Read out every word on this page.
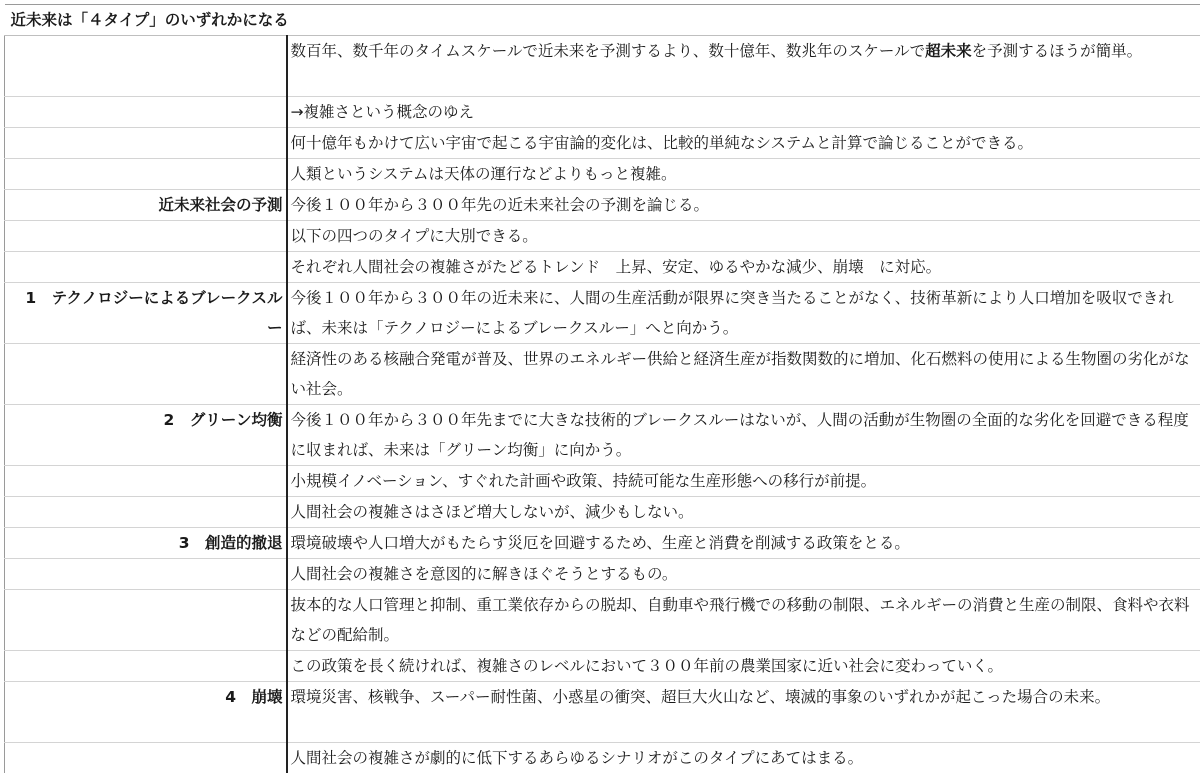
近未来は「４タイプ」のいずれかになる	
	数百年、数千年のタイムスケールで近未来を予測するより、数十億年、数兆年のスケールで超未来を予測するほうが簡単。
	→複雑さという概念のゆえ
	何十億年もかけて広い宇宙で起こる宇宙論的変化は、比較的単純なシステムと計算で論じることができる。
	人類というシステムは天体の運行などよりもっと複雑。
近未来社会の予測	今後１００年から３００年先の近未来社会の予測を論じる。
	以下の四つのタイプに大別できる。
	それぞれ人間社会の複雑さがたどるトレンド　上昇、安定、ゆるやかな減少、崩壊　に対応。
1　テクノロジーによるブレークスルー	今後１００年から３００年の近未来に、人間の生産活動が限界に突き当たることがなく、技術革新により人口増加を吸収できれば、未来は「テクノロジーによるブレークスルー」へと向かう。
	経済性のある核融合発電が普及、世界のエネルギー供給と経済生産が指数関数的に増加、化石燃料の使用による生物圏の劣化がない社会。
2　グリーン均衡	今後１００年から３００年先までに大きな技術的ブレークスルーはないが、人間の活動が生物圏の全面的な劣化を回避できる程度に収まれば、未来は「グリーン均衡」に向かう。
	小規模イノベーション、すぐれた計画や政策、持続可能な生産形態への移行が前提。
	人間社会の複雑さはさほど増大しないが、減少もしない。
3　創造的撤退	環境破壊や人口増大がもたらす災厄を回避するため、生産と消費を削減する政策をとる。
	人間社会の複雑さを意図的に解きほぐそうとするもの。
	抜本的な人口管理と抑制、重工業依存からの脱却、自動車や飛行機での移動の制限、エネルギーの消費と生産の制限、食料や衣料などの配給制。
	この政策を長く続ければ、複雑さのレベルにおいて３００年前の農業国家に近い社会に変わっていく。
4　崩壊	環境災害、核戦争、スーパー耐性菌、小惑星の衝突、超巨大火山など、壊滅的事象のいずれかが起こった場合の未来。
	人間社会の複雑さが劇的に低下するあらゆるシナリオがこのタイプにあてはまる。
